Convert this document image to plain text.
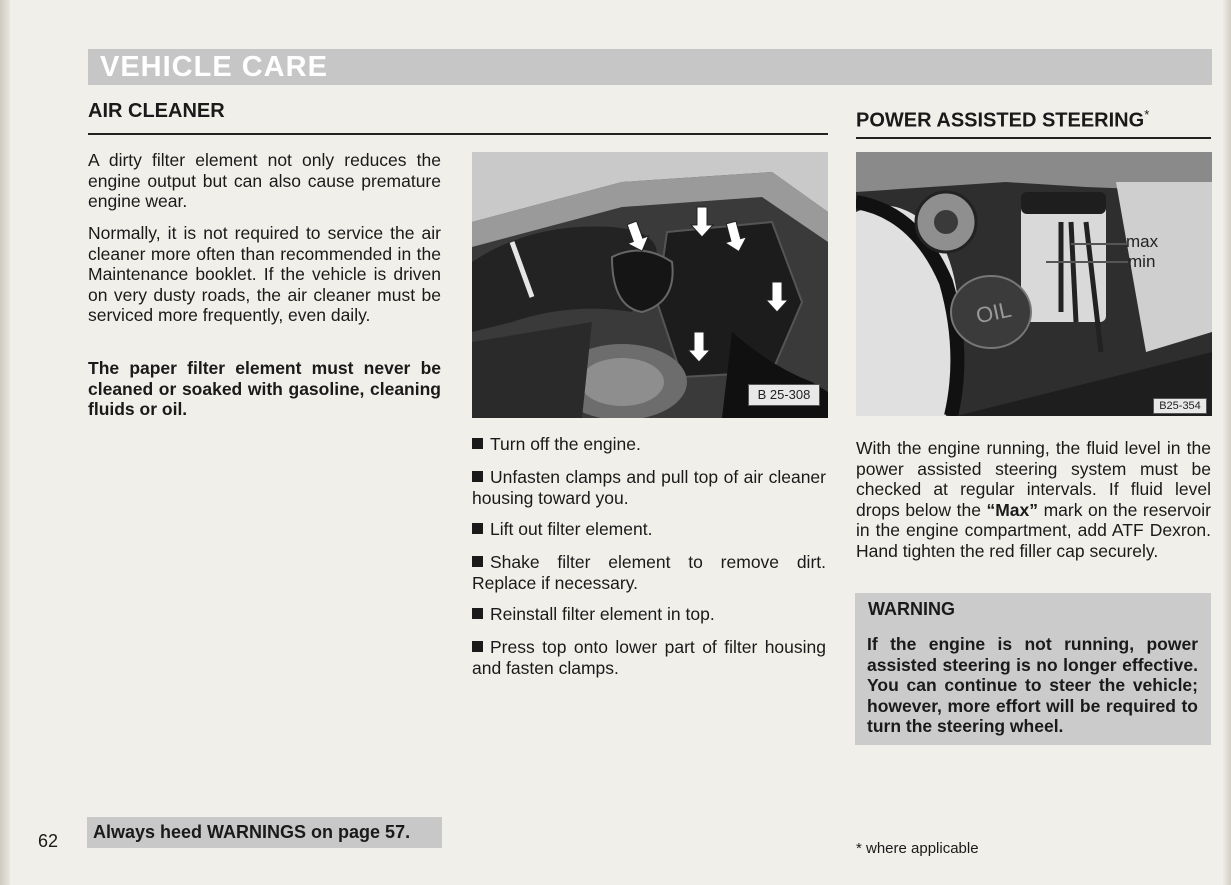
VEHICLE CARE
AIR CLEANER

A dirty filter element not only reduces the engine output but can also cause premature engine wear.

Normally, it is not required to service the air cleaner more often than recommended in the Maintenance booklet. If the vehicle is driven on very dusty roads, the air cleaner must be serviced more frequently, even daily.

The paper filter element must never be cleaned or soaked with gasoline, cleaning fluids or oil.

B 25-308

Turn off the engine.

Unfasten clamps and pull top of air cleaner housing toward you.

Lift out filter element.

Shake filter element to remove dirt. Replace if necessary.

Reinstall filter element in top.

Press top onto lower part of filter housing and fasten clamps.

POWER ASSISTED STEERING*
max
min
OIL
B25-354

With the engine running, the fluid level in the power assisted steering system must be checked at regular intervals. If fluid level drops below the “Max” mark on the reservoir in the engine compartment, add ATF Dexron. Hand tighten the red filler cap securely.

WARNING

If the engine is not running, power assisted steering is no longer effective. You can continue to steer the vehicle; however, more effort will be required to turn the steering wheel.

62 Always heed WARNINGS on page 57.
* where applicable
